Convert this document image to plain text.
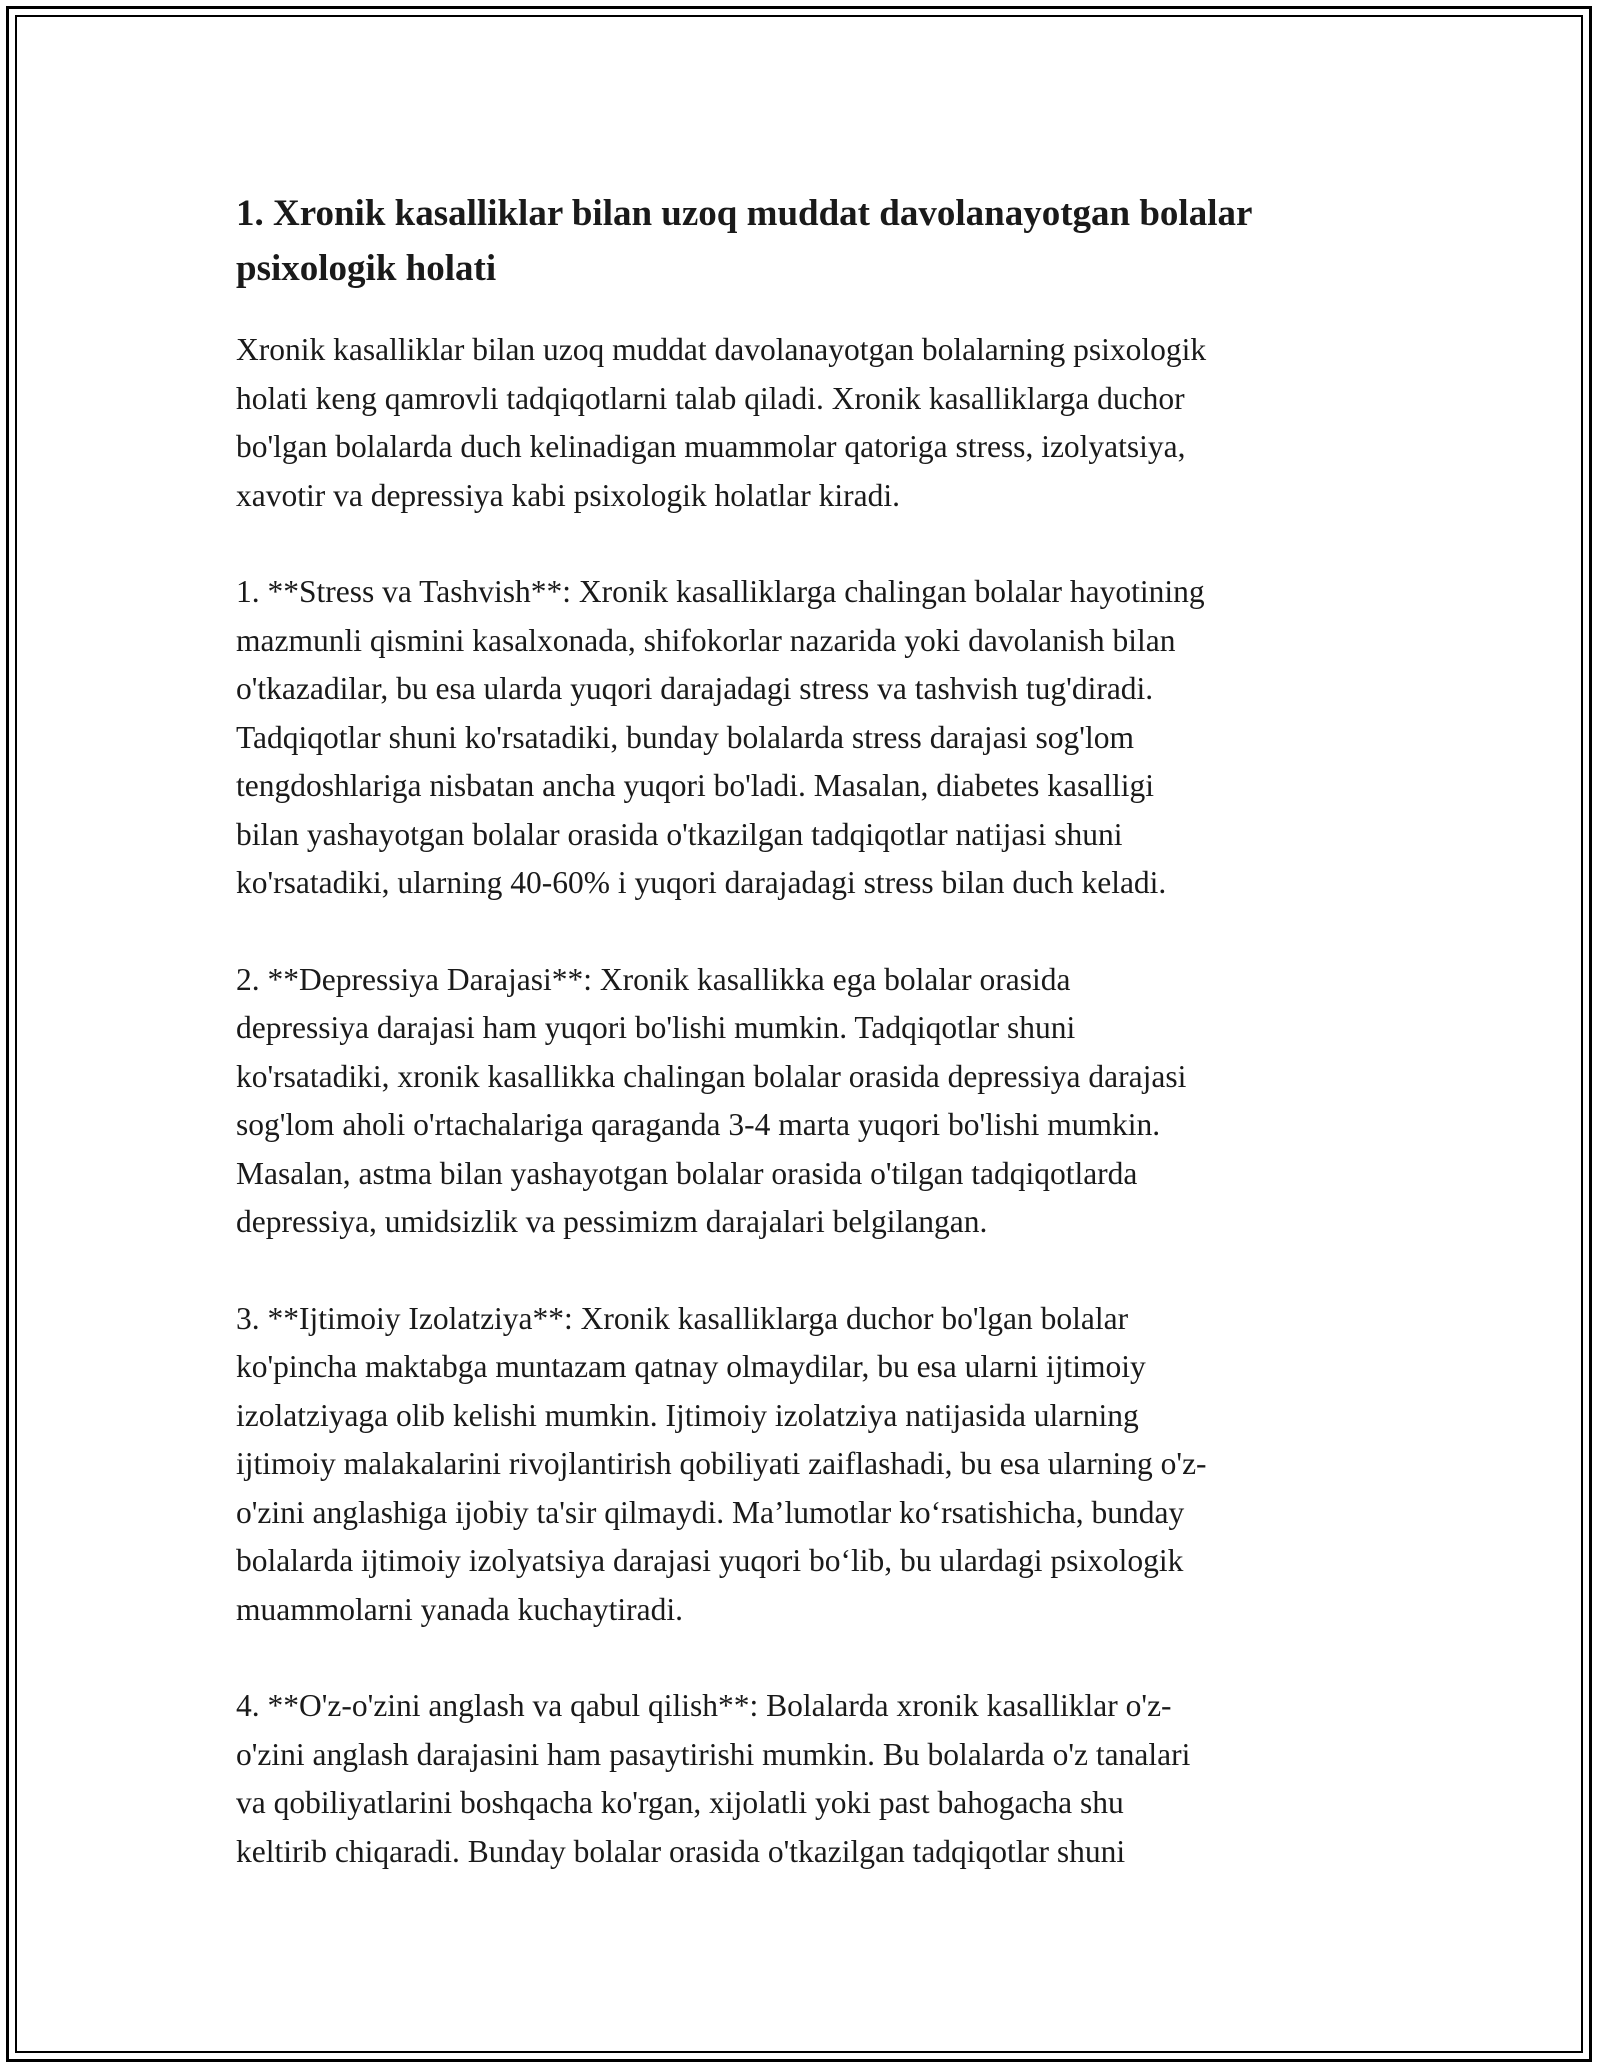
1. Xronik kasalliklar bilan uzoq muddat davolanayotgan bolalar psixologik holati

Xronik kasalliklar bilan uzoq muddat davolanayotgan bolalarning psixologik
holati keng qamrovli tadqiqotlarni talab qiladi. Xronik kasalliklarga duchor
bo'lgan bolalarda duch kelinadigan muammolar qatoriga stress, izolyatsiya,
xavotir va depressiya kabi psixologik holatlar kiradi.

1. **Stress va Tashvish**: Xronik kasalliklarga chalingan bolalar hayotining
mazmunli qismini kasalxonada, shifokorlar nazarida yoki davolanish bilan
o'tkazadilar, bu esa ularda yuqori darajadagi stress va tashvish tug'diradi.
Tadqiqotlar shuni ko'rsatadiki, bunday bolalarda stress darajasi sog'lom
tengdoshlariga nisbatan ancha yuqori bo'ladi. Masalan, diabetes kasalligi
bilan yashayotgan bolalar orasida o'tkazilgan tadqiqotlar natijasi shuni
ko'rsatadiki, ularning 40-60% i yuqori darajadagi stress bilan duch keladi.

2. **Depressiya Darajasi**: Xronik kasallikka ega bolalar orasida
depressiya darajasi ham yuqori bo'lishi mumkin. Tadqiqotlar shuni
ko'rsatadiki, xronik kasallikka chalingan bolalar orasida depressiya darajasi
sog'lom aholi o'rtachalariga qaraganda 3-4 marta yuqori bo'lishi mumkin.
Masalan, astma bilan yashayotgan bolalar orasida o'tilgan tadqiqotlarda
depressiya, umidsizlik va pessimizm darajalari belgilangan.

3. **Ijtimoiy Izolatziya**: Xronik kasalliklarga duchor bo'lgan bolalar
ko'pincha maktabga muntazam qatnay olmaydilar, bu esa ularni ijtimoiy
izolatziyaga olib kelishi mumkin. Ijtimoiy izolatziya natijasida ularning
ijtimoiy malakalarini rivojlantirish qobiliyati zaiflashadi, bu esa ularning o'z-
o'zini anglashiga ijobiy ta'sir qilmaydi. Ma’lumotlar ko‘rsatishicha, bunday
bolalarda ijtimoiy izolyatsiya darajasi yuqori bo‘lib, bu ulardagi psixologik
muammolarni yanada kuchaytiradi.

4. **O'z-o'zini anglash va qabul qilish**: Bolalarda xronik kasalliklar o'z-
o'zini anglash darajasini ham pasaytirishi mumkin. Bu bolalarda o'z tanalari
va qobiliyatlarini boshqacha ko'rgan, xijolatli yoki past bahogacha shu
keltirib chiqaradi. Bunday bolalar orasida o'tkazilgan tadqiqotlar shuni
